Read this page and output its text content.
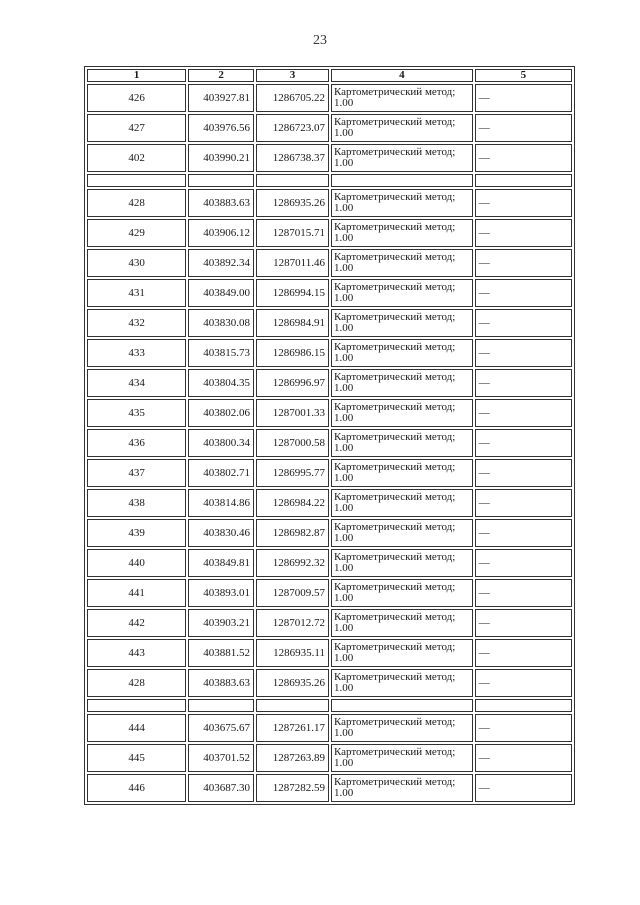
23
1	2	3	4	5
426	403927.81	1286705.22	Картометрический метод; 1.00	—
427	403976.56	1286723.07	Картометрический метод; 1.00	—
402	403990.21	1286738.37	Картометрический метод; 1.00	—

428	403883.63	1286935.26	Картометрический метод; 1.00	—
429	403906.12	1287015.71	Картометрический метод; 1.00	—
430	403892.34	1287011.46	Картометрический метод; 1.00	—
431	403849.00	1286994.15	Картометрический метод; 1.00	—
432	403830.08	1286984.91	Картометрический метод; 1.00	—
433	403815.73	1286986.15	Картометрический метод; 1.00	—
434	403804.35	1286996.97	Картометрический метод; 1.00	—
435	403802.06	1287001.33	Картометрический метод; 1.00	—
436	403800.34	1287000.58	Картометрический метод; 1.00	—
437	403802.71	1286995.77	Картометрический метод; 1.00	—
438	403814.86	1286984.22	Картометрический метод; 1.00	—
439	403830.46	1286982.87	Картометрический метод; 1.00	—
440	403849.81	1286992.32	Картометрический метод; 1.00	—
441	403893.01	1287009.57	Картометрический метод; 1.00	—
442	403903.21	1287012.72	Картометрический метод; 1.00	—
443	403881.52	1286935.11	Картометрический метод; 1.00	—
428	403883.63	1286935.26	Картометрический метод; 1.00	—

444	403675.67	1287261.17	Картометрический метод; 1.00	—
445	403701.52	1287263.89	Картометрический метод; 1.00	—
446	403687.30	1287282.59	Картометрический метод; 1.00	—
